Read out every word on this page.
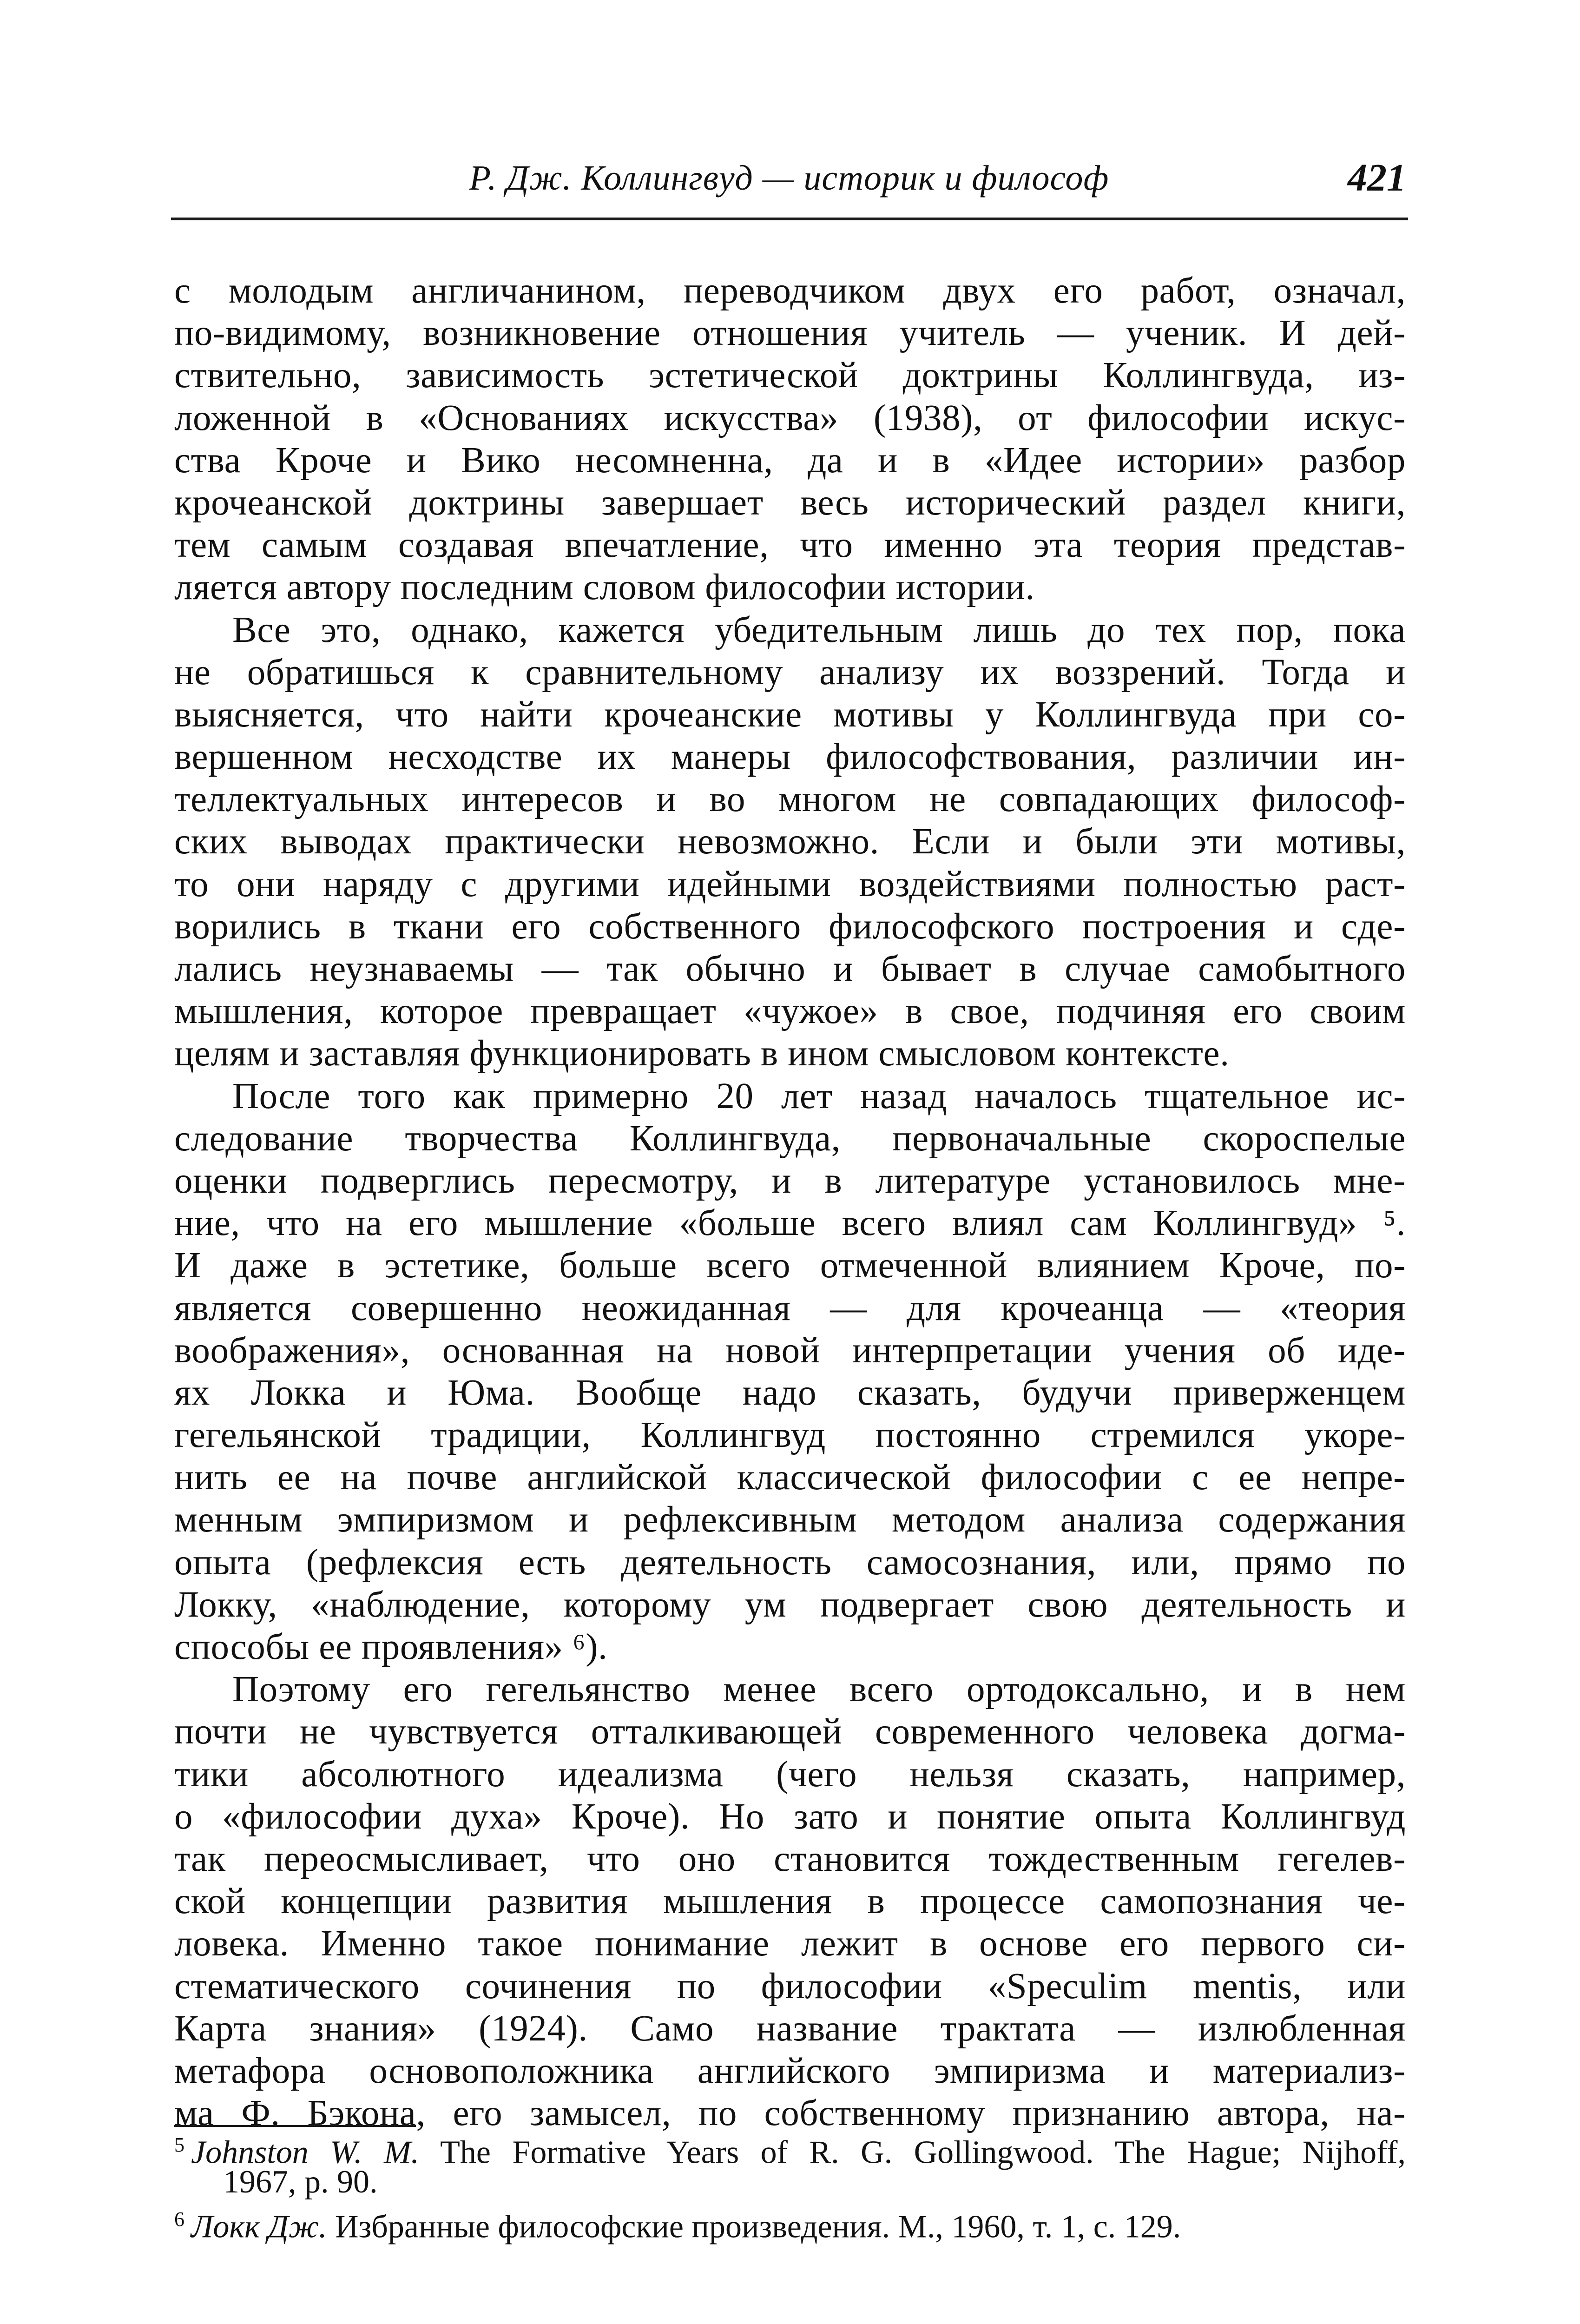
Р. Дж. Коллингвуд — историк и философ	421
с молодым англичанином, переводчиком двух его работ, означал,
по-видимому, возникновение отношения учитель — ученик. И дей-
ствительно, зависимость эстетической доктрины Коллингвуда, из-
ложенной в «Основаниях искусства» (1938), от философии искус-
ства Кроче и Вико несомненна, да и в «Идее истории» разбор
крочеанской доктрины завершает весь исторический раздел книги,
тем самым создавая впечатление, что именно эта теория представ-
ляется автору последним словом философии истории.
Все это, однако, кажется убедительным лишь до тех пор, пока
не обратишься к сравнительному анализу их воззрений. Тогда и
выясняется, что найти крочеанские мотивы у Коллингвуда при со-
вершенном несходстве их манеры философствования, различии ин-
теллектуальных интересов и во многом не совпадающих философ-
ских выводах практически невозможно. Если и были эти мотивы,
то они наряду с другими идейными воздействиями полностью раст-
ворились в ткани его собственного философского построения и сде-
лались неузнаваемы — так обычно и бывает в случае самобытного
мышления, которое превращает «чужое» в свое, подчиняя его своим
целям и заставляя функционировать в ином смысловом контексте.
После того как примерно 20 лет назад началось тщательное ис-
следование творчества Коллингвуда, первоначальные скороспелые
оценки подверглись пересмотру, и в литературе установилось мне-
ние, что на его мышление «больше всего влиял сам Коллингвуд» ⁵.
И даже в эстетике, больше всего отмеченной влиянием Кроче, по-
является совершенно неожиданная — для крочеанца — «теория
воображения», основанная на новой интерпретации учения об иде-
ях Локка и Юма. Вообще надо сказать, будучи приверженцем
гегельянской традиции, Коллингвуд постоянно стремился укоре-
нить ее на почве английской классической философии с ее непре-
менным эмпиризмом и рефлексивным методом анализа содержания
опыта (рефлексия есть деятельность самосознания, или, прямо по
Локку, «наблюдение, которому ум подвергает свою деятельность и
способы ее проявления» ⁶).
Поэтому его гегельянство менее всего ортодоксально, и в нем
почти не чувствуется отталкивающей современного человека догма-
тики абсолютного идеализма (чего нельзя сказать, например,
о «философии духа» Кроче). Но зато и понятие опыта Коллингвуд
так переосмысливает, что оно становится тождественным гегелев-
ской концепции развития мышления в процессе самопознания че-
ловека. Именно такое понимание лежит в основе его первого си-
стематического сочинения по философии «Speculim mentis, или
Карта знания» (1924). Само название трактата — излюбленная
метафора основоположника английского эмпиризма и материализ-
ма Ф. Бэкона, его замысел, по собственному признанию автора, на-
$^5$ Johnston W. M. The Formative Years of R. G. Gollingwood. The Hague; Nijhoff,
1967, p. 90.
$^6$ Локк Дж. Избранные философские произведения. М., 1960, т. 1, с. 129.
